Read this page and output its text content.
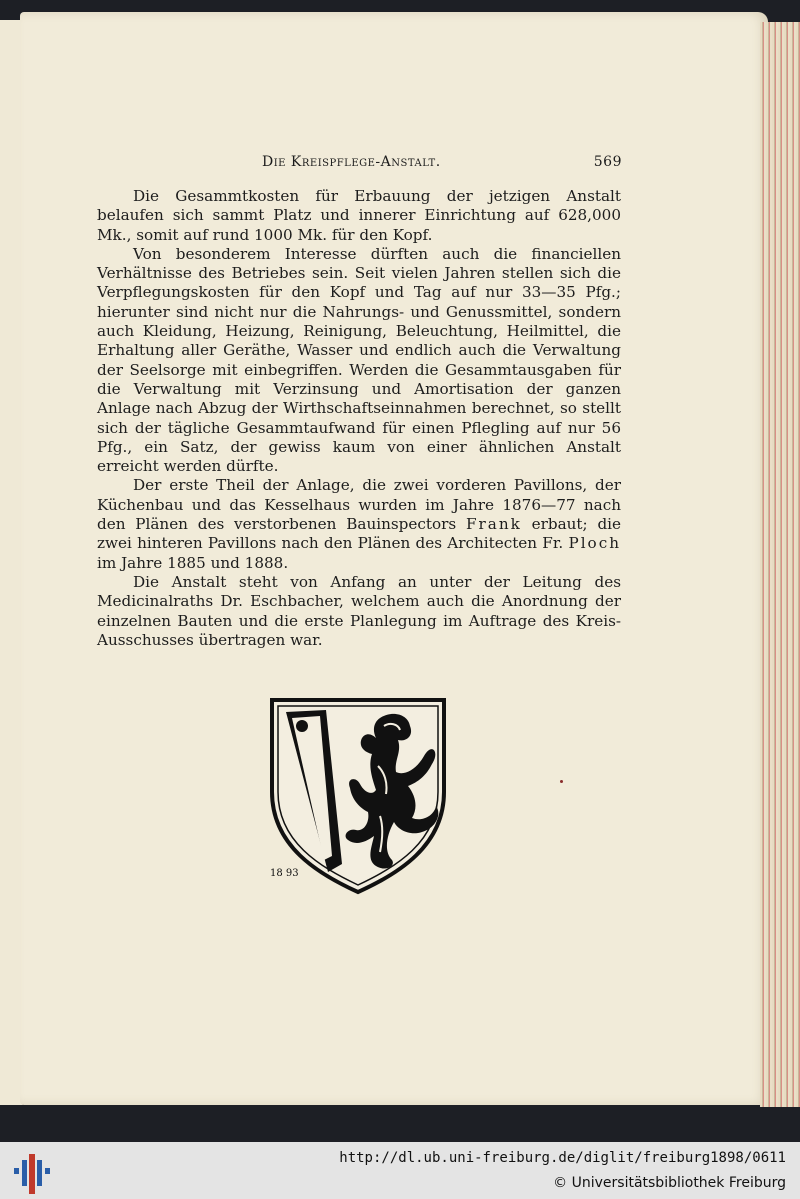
Die Kreispflege-Anstalt.	569

Die Gesammtkosten für Erbauung der jetzigen Anstalt belaufen sich sammt Platz und innerer Einrichtung auf 628,000 Mk., somit auf rund 1000 Mk. für den Kopf.

Von besonderem Interesse dürften auch die financiellen Verhältnisse des Betriebes sein. Seit vielen Jahren stellen sich die Verpflegungskosten für den Kopf und Tag auf nur 33—35 Pfg.; hierunter sind nicht nur die Nahrungs- und Genussmittel, sondern auch Kleidung, Heizung, Reinigung, Beleuchtung, Heilmittel, die Erhaltung aller Geräthe, Wasser und endlich auch die Verwaltung der Seelsorge mit einbegriffen. Werden die Gesammtausgaben für die Verwaltung mit Verzinsung und Amortisation der ganzen Anlage nach Abzug der Wirthschaftseinnahmen berechnet, so stellt sich der tägliche Gesammtaufwand für einen Pflegling auf nur 56 Pfg., ein Satz, der gewiss kaum von einer ähnlichen Anstalt erreicht werden dürfte.

Der erste Theil der Anlage, die zwei vorderen Pavillons, der Küchenbau und das Kesselhaus wurden im Jahre 1876—77 nach den Plänen des verstorbenen Bauinspectors Frank erbaut; die zwei hinteren Pavillons nach den Plänen des Architecten Fr. Ploch im Jahre 1885 und 1888.

Die Anstalt steht von Anfang an unter der Leitung des Medicinalraths Dr. Eschbacher, welchem auch die Anordnung der einzelnen Bauten und die erste Planlegung im Auftrage des Kreis-Ausschusses übertragen war.

18 93
http://dl.ub.uni-freiburg.de/diglit/freiburg1898/0611
© Universitätsbibliothek Freiburg
